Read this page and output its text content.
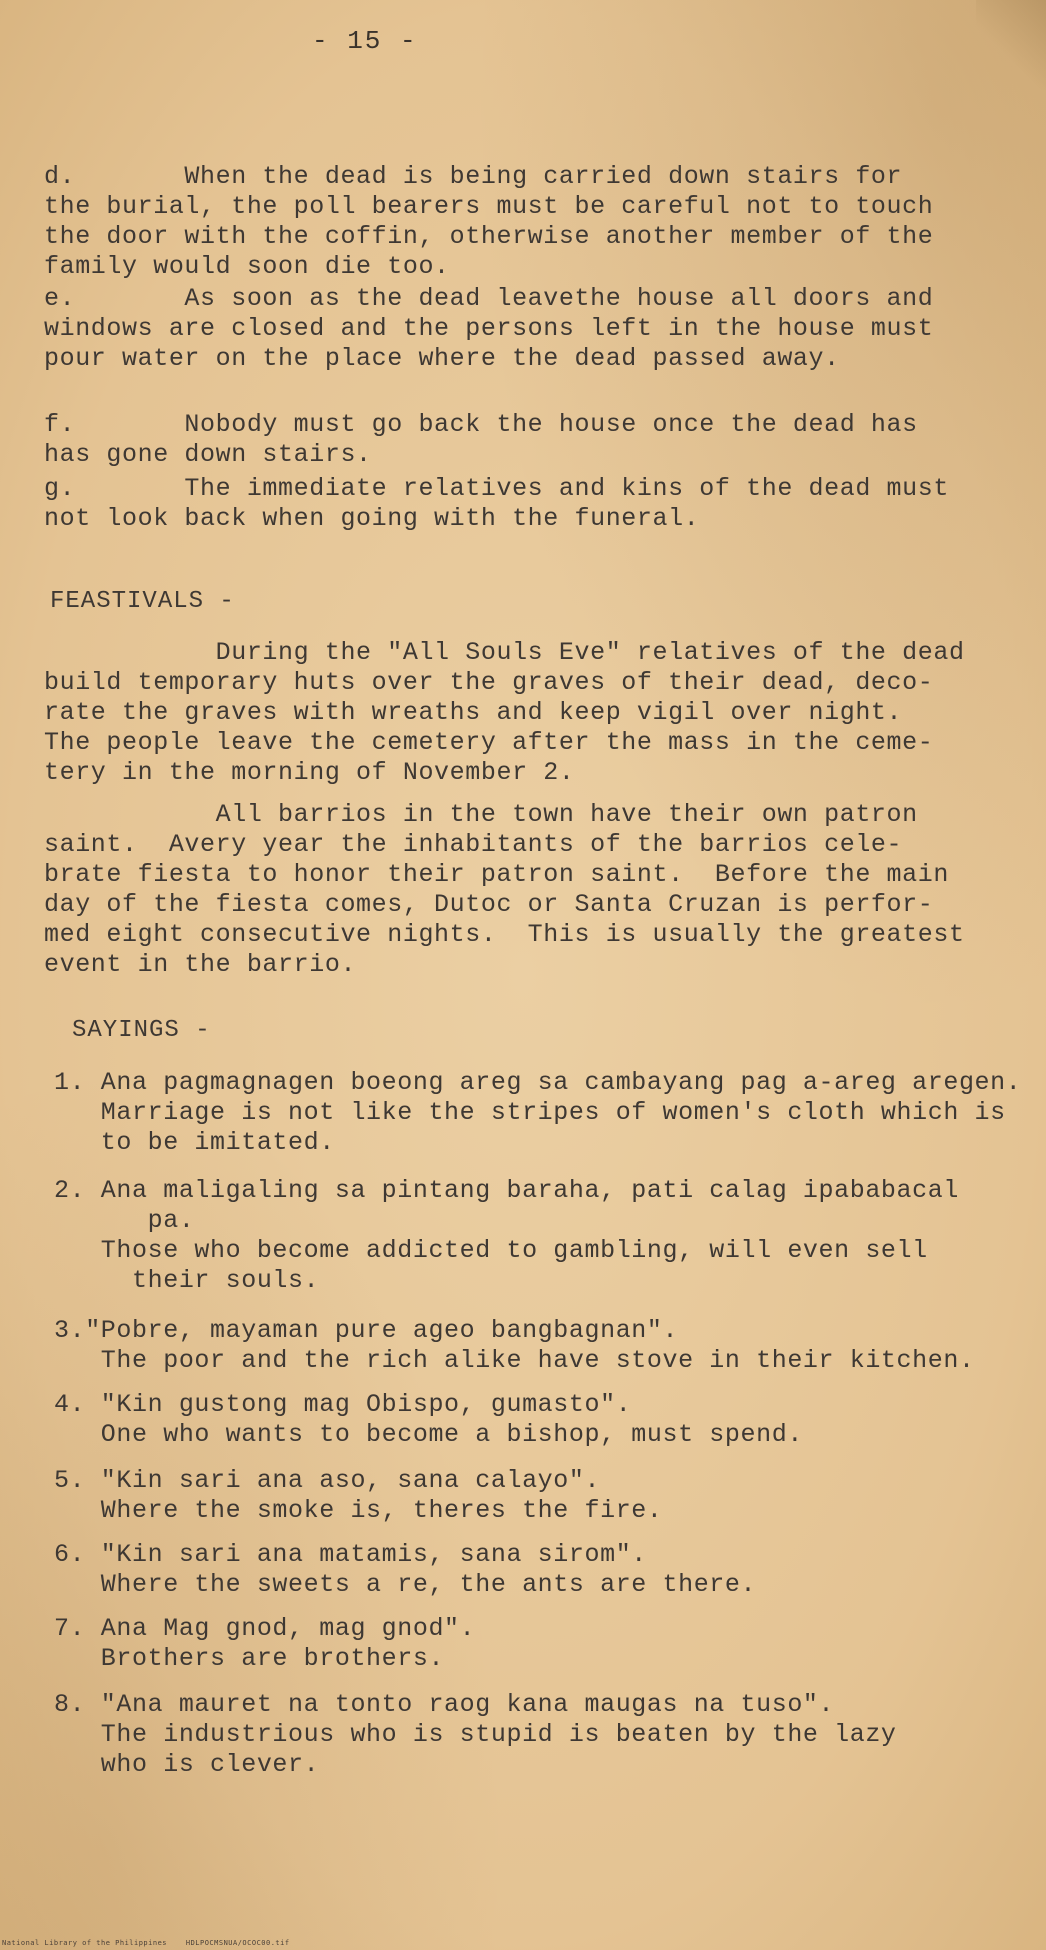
- 15 -
d.       When the dead is being carried down stairs for
the burial, the poll bearers must be careful not to touch
the door with the coffin, otherwise another member of the
family would soon die too.
e.       As soon as the dead leavethe house all doors and
windows are closed and the persons left in the house must
pour water on the place where the dead passed away.
f.       Nobody must go back the house once the dead has
has gone down stairs.
g.       The immediate relatives and kins of the dead must
not look back when going with the funeral.
FEASTIVALS -
During the "All Souls Eve" relatives of the dead
build temporary huts over the graves of their dead, deco-
rate the graves with wreaths and keep vigil over night.
The people leave the cemetery after the mass in the ceme-
tery in the morning of November 2.
All barrios in the town have their own patron
saint.  Avery year the inhabitants of the barrios cele-
brate fiesta to honor their patron saint.  Before the main
day of the fiesta comes, Dutoc or Santa Cruzan is perfor-
med eight consecutive nights.  This is usually the greatest
event in the barrio.
SAYINGS -
1. Ana pagmagnagen boeong areg sa cambayang pag a-areg aregen.
Marriage is not like the stripes of women's cloth which is
to be imitated.
2. Ana maligaling sa pintang baraha, pati calag ipababacal
pa.
Those who become addicted to gambling, will even sell
their souls.
3."Pobre, mayaman pure ageo bangbagnan".
The poor and the rich alike have stove in their kitchen.
4. "Kin gustong mag Obispo, gumasto".
One who wants to become a bishop, must spend.
5. "Kin sari ana aso, sana calayo".
Where the smoke is, theres the fire.
6. "Kin sari ana matamis, sana sirom".
Where the sweets a re, the ants are there.
7. Ana Mag gnod, mag gnod".
Brothers are brothers.
8. "Ana mauret na tonto raog kana maugas na tuso".
The industrious who is stupid is beaten by the lazy
who is clever.
National Library of the Philippines    HDLPOCMSNUA/OCOC00.tif
